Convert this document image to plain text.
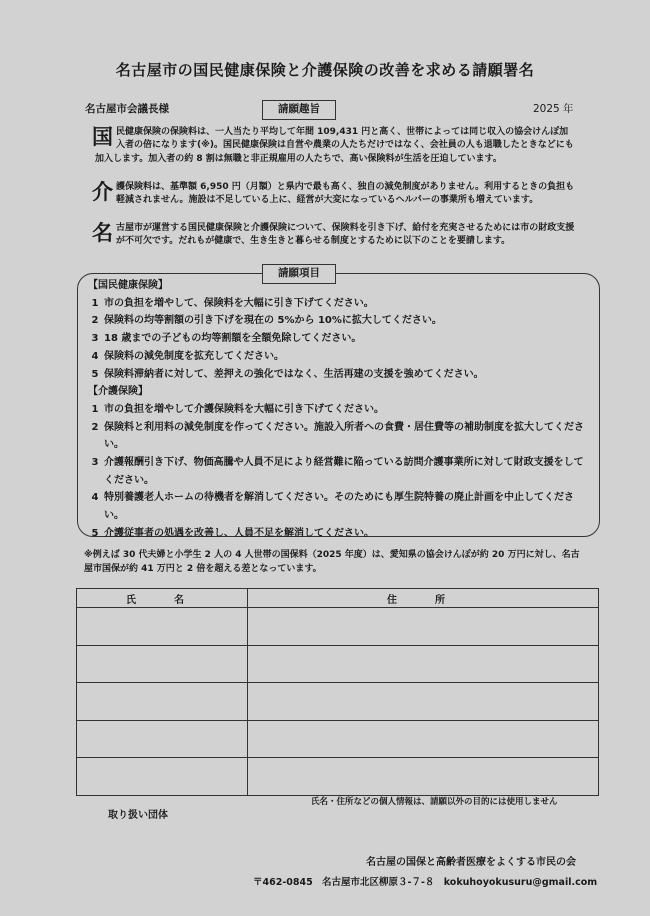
名古屋市の国民健康保険と介護保険の改善を求める請願署名
名古屋市会議長様	請願趣旨	2025 年
国 民健康保険の保険料は、一人当たり平均して年間 109,431 円と高く、世帯によっては同じ収入の協会けんぽ加入者の倍になります(※)。国民健康保険は自営や農業の人たちだけではなく、会社員の人も退職したときなどにも加入します。加入者の約 8 割は無職と非正規雇用の人たちで、高い保険料が生活を圧迫しています。
介 護保険料は、基準額 6,950 円（月額）と県内で最も高く、独自の減免制度がありません。利用するときの負担も軽減されません。施設は不足している上に、経営が大変になっているヘルパーの事業所も増えています。
名 古屋市が運営する国民健康保険と介護保険について、保険料を引き下げ、給付を充実させるためには市の財政支援が不可欠です。だれもが健康で、生き生きと暮らせる制度とするために以下のことを要請します。
請願項目
【国民健康保険】
1 市の負担を増やして、保険料を大幅に引き下げてください。
2 保険料の均等割額の引き下げを現在の 5%から 10%に拡大してください。
3 18 歳までの子どもの均等割額を全額免除してください。
4 保険料の減免制度を拡充してください。
5 保険料滞納者に対して、差押えの強化ではなく、生活再建の支援を強めてください。
【介護保険】
1 市の負担を増やして介護保険料を大幅に引き下げてください。
2 保険料と利用料の減免制度を作ってください。施設入所者への食費・居住費等の補助制度を拡大してください。
3 介護報酬引き下げ、物価高騰や人員不足により経営難に陥っている訪問介護事業所に対して財政支援をしてください。
4 特別養護老人ホームの待機者を解消してください。そのためにも厚生院特養の廃止計画を中止してください。
5 介護従事者の処遇を改善し、人員不足を解消してください。
※例えば 30 代夫婦と小学生 2 人の 4 人世帯の国保料（2025 年度）は、愛知県の協会けんぽが約 20 万円に対し、名古屋市国保が約 41 万円と 2 倍を超える差となっています。
氏　名	住　所

氏名・住所などの個人情報は、請願以外の目的には使用しません
取り扱い団体
名古屋の国保と高齢者医療をよくする市民の会
〒462-0845 名古屋市北区柳原３-７-８ kokuhoyokusuru@gmail.com
